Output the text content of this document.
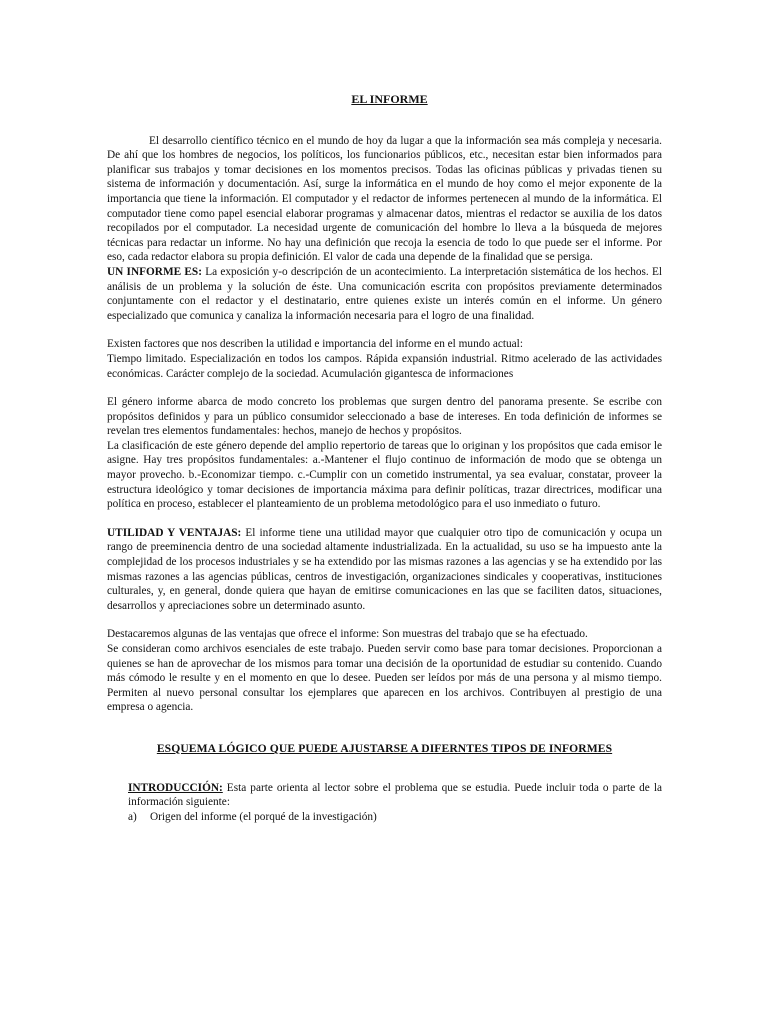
EL INFORME

El desarrollo científico técnico en el mundo de hoy da lugar a que la información sea más compleja y necesaria. De ahí que los hombres de negocios, los políticos, los funcionarios públicos, etc., necesitan estar bien informados para planificar sus trabajos y tomar decisiones en los momentos precisos. Todas las oficinas públicas y privadas tienen su sistema de información y documentación. Así, surge la informática en el mundo de hoy como el mejor exponente de la importancia que tiene la información. El computador y el redactor de informes pertenecen al mundo de la informática. El computador tiene como papel esencial elaborar programas y almacenar datos, mientras el redactor se auxilia de los datos recopilados por el computador. La necesidad urgente de comunicación del hombre lo lleva a la búsqueda de mejores técnicas para redactar un informe. No hay una definición que recoja la esencia de todo lo que puede ser el informe. Por eso, cada redactor elabora su propia definición. El valor de cada una depende de la finalidad que se persiga.

UN INFORME ES: La exposición y-o descripción de un acontecimiento. La interpretación sistemática de los hechos. El análisis de un problema y la solución de éste. Una comunicación escrita con propósitos previamente determinados conjuntamente con el redactor y el destinatario, entre quienes existe un interés común en el informe. Un género especializado que comunica y canaliza la información necesaria para el logro de una finalidad.

Existen factores que nos describen la utilidad e importancia del informe en el mundo actual:

Tiempo limitado. Especialización en todos los campos. Rápida expansión industrial. Ritmo acelerado de las actividades económicas. Carácter complejo de la sociedad. Acumulación gigantesca de informaciones

El género informe abarca de modo concreto los problemas que surgen dentro del panorama presente. Se escribe con propósitos definidos y para un público consumidor seleccionado a base de intereses. En toda definición de informes se revelan tres elementos fundamentales: hechos, manejo de hechos y propósitos.

La clasificación de este género depende del amplio repertorio de tareas que lo originan y los propósitos que cada emisor le asigne. Hay tres propósitos fundamentales: a.-Mantener el flujo continuo de información de modo que se obtenga un mayor provecho. b.-Economizar tiempo. c.-Cumplir con un cometido instrumental, ya sea evaluar, constatar, proveer la estructura ideológico y tomar decisiones de importancia máxima para definir políticas, trazar directrices, modificar una política en proceso, establecer el planteamiento de un problema metodológico para el uso inmediato o futuro.

UTILIDAD Y VENTAJAS: El informe tiene una utilidad mayor que cualquier otro tipo de comunicación y ocupa un rango de preeminencia dentro de una sociedad altamente industrializada. En la actualidad, su uso se ha impuesto ante la complejidad de los procesos industriales y se ha extendido por las mismas razones a las agencias y se ha extendido por las mismas razones a las agencias públicas, centros de investigación, organizaciones sindicales y cooperativas, instituciones culturales, y, en general, donde quiera que hayan de emitirse comunicaciones en las que se faciliten datos, situaciones, desarrollos y apreciaciones sobre un determinado asunto.

Destacaremos algunas de las ventajas que ofrece el informe: Son muestras del trabajo que se ha efectuado.

Se consideran como archivos esenciales de este trabajo. Pueden servir como base para tomar decisiones. Proporcionan a quienes se han de aprovechar de los mismos para tomar una decisión de la oportunidad de estudiar su contenido. Cuando más cómodo le resulte y en el momento en que lo desee. Pueden ser leídos por más de una persona y al mismo tiempo. Permiten al nuevo personal consultar los ejemplares que aparecen en los archivos. Contribuyen al prestigio de una empresa o agencia.

ESQUEMA LÓGICO QUE PUEDE AJUSTARSE A DIFERNTES TIPOS DE INFORMES

INTRODUCCIÓN: Esta parte orienta al lector sobre el problema que se estudia. Puede incluir toda o parte de la información siguiente:

a)	Origen del informe (el porqué de la investigación)
